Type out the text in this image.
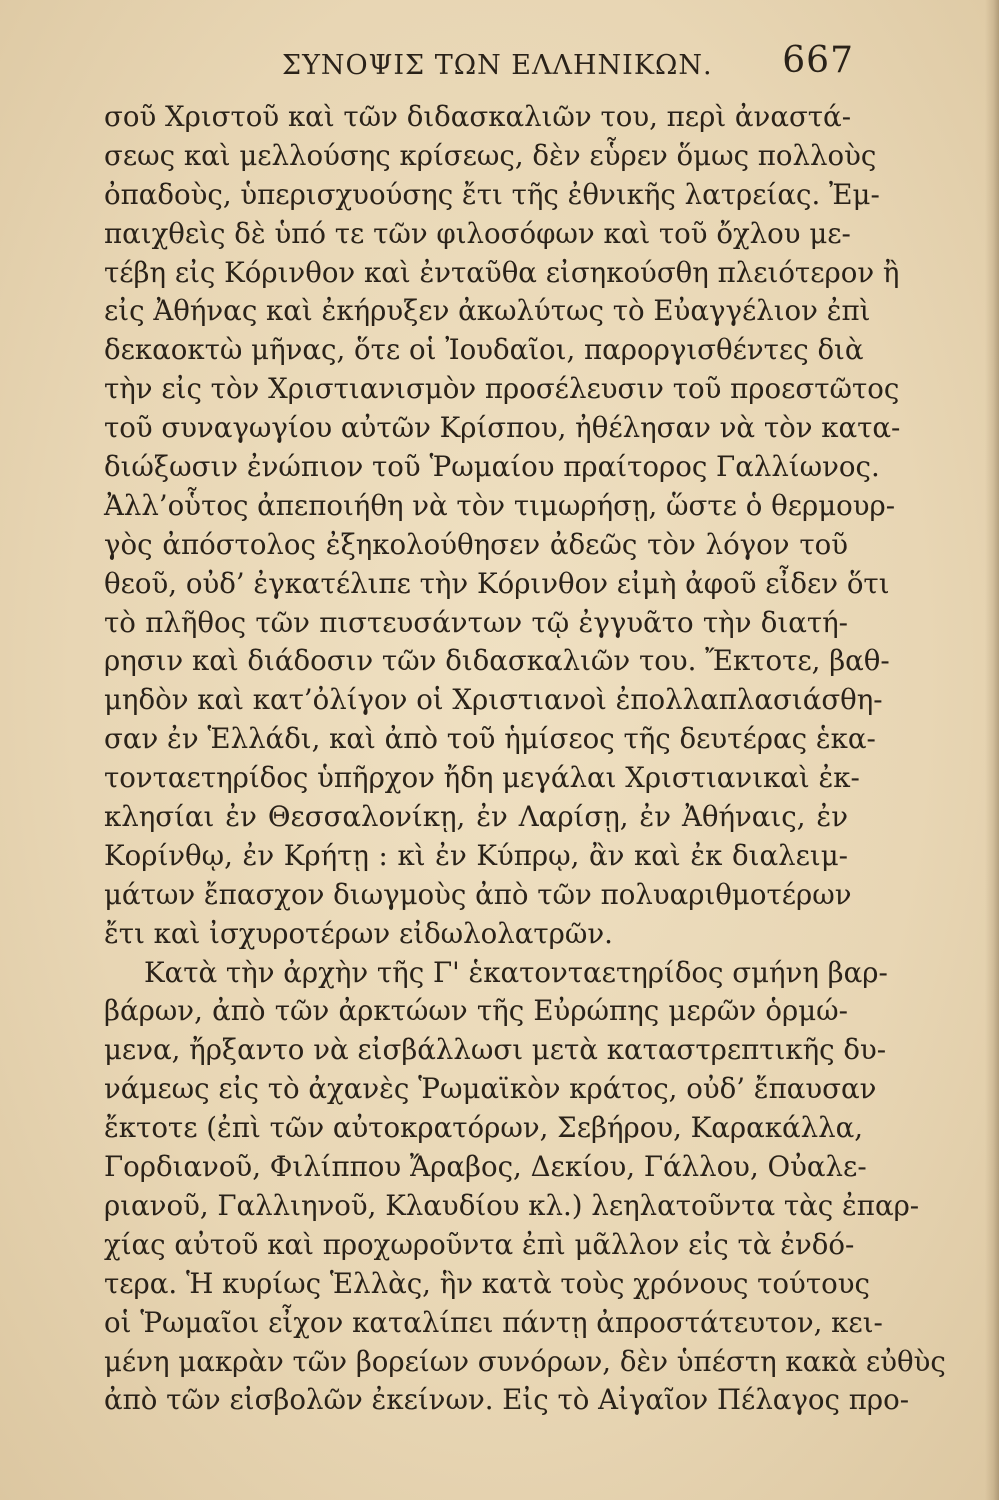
ΣΥΝΟΨΙΣ ΤΩΝ ΕΛΛΗΝΙΚΩΝ. 667
σοῦ Χριστοῦ καὶ τῶν διδασκαλιῶν του, περὶ ἀναστά-
σεως καὶ μελλούσης κρίσεως, δὲν εὗρεν ὅμως πολλοὺς
ὀπαδοὺς, ὑπερισχυούσης ἔτι τῆς ἐθνικῆς λατρείας. Ἐμ-
παιχθεὶς δὲ ὑπό τε τῶν φιλοσόφων καὶ τοῦ ὄχλου με-
τέβη εἰς Κόρινθον καὶ ἐνταῦθα εἰσηκούσθη πλειότερον ἢ
εἰς Ἀθήνας καὶ ἐκήρυξεν ἀκωλύτως τὸ Εὐαγγέλιον ἐπὶ
δεκαοκτὼ μῆνας, ὅτε οἱ Ἰουδαῖοι, παροργισθέντες διὰ
τὴν εἰς τὸν Χριστιανισμὸν προσέλευσιν τοῦ προεστῶτος
τοῦ συναγωγίου αὐτῶν Κρίσπου, ἠθέλησαν νὰ τὸν κατα-
διώξωσιν ἐνώπιον τοῦ Ῥωμαίου πραίτορος Γαλλίωνος.
Ἀλλ’οὗτος ἀπεποιήθη νὰ τὸν τιμωρήσῃ, ὥστε ὁ θερμουρ-
γὸς ἀπόστολος ἐξηκολούθησεν ἀδεῶς τὸν λόγον τοῦ
θεοῦ, οὐδ’ ἐγκατέλιπε τὴν Κόρινθον εἰμὴ ἀφοῦ εἶδεν ὅτι
τὸ πλῆθος τῶν πιστευσάντων τῷ ἐγγυᾶτο τὴν διατή-
ρησιν καὶ διάδοσιν τῶν διδασκαλιῶν του. Ἔκτοτε, βαθ-
μηδὸν καὶ κατ’ὀλίγον οἱ Χριστιανοὶ ἐπολλαπλασιάσθη-
σαν ἐν Ἑλλάδι, καὶ ἀπὸ τοῦ ἡμίσεος τῆς δευτέρας ἑκα-
τονταετηρίδος ὑπῆρχον ἤδη μεγάλαι Χριστιανικαὶ ἐκ-
κλησίαι ἐν Θεσσαλονίκῃ, ἐν Λαρίσῃ, ἐν Ἀθήναις, ἐν
Κορίνθῳ, ἐν Κρήτῃ : κὶ ἐν Κύπρῳ, ἂν καὶ ἐκ διαλειμ-
μάτων ἔπασχον διωγμοὺς ἀπὸ τῶν πολυαριθμοτέρων
ἔτι καὶ ἰσχυροτέρων εἰδωλολατρῶν.
Κατὰ τὴν ἀρχὴν τῆς Γ' ἑκατονταετηρίδος σμήνη βαρ-
βάρων, ἀπὸ τῶν ἀρκτώων τῆς Εὐρώπης μερῶν ὁρμώ-
μενα, ἤρξαντο νὰ εἰσβάλλωσι μετὰ καταστρεπτικῆς δυ-
νάμεως εἰς τὸ ἀχανὲς Ῥωμαϊκὸν κράτος, οὐδ’ ἔπαυσαν
ἔκτοτε (ἐπὶ τῶν αὐτοκρατόρων, Σεβήρου, Καρακάλλα,
Γορδιανοῦ, Φιλίππου Ἄραβος, Δεκίου, Γάλλου, Οὐαλε-
ριανοῦ, Γαλλιηνοῦ, Κλαυδίου κλ.) λεηλατοῦντα τὰς ἐπαρ-
χίας αὐτοῦ καὶ προχωροῦντα ἐπὶ μᾶλλον εἰς τὰ ἐνδό-
τερα. Ἡ κυρίως Ἑλλὰς, ἣν κατὰ τοὺς χρόνους τούτους
οἱ Ῥωμαῖοι εἶχον καταλίπει πάντῃ ἀπροστάτευτον, κει-
μένη μακρὰν τῶν βορείων συνόρων, δὲν ὑπέστη κακὰ εὐθὺς
ἀπὸ τῶν εἰσβολῶν ἐκείνων. Εἰς τὸ Αἰγαῖον Πέλαγος προ-
